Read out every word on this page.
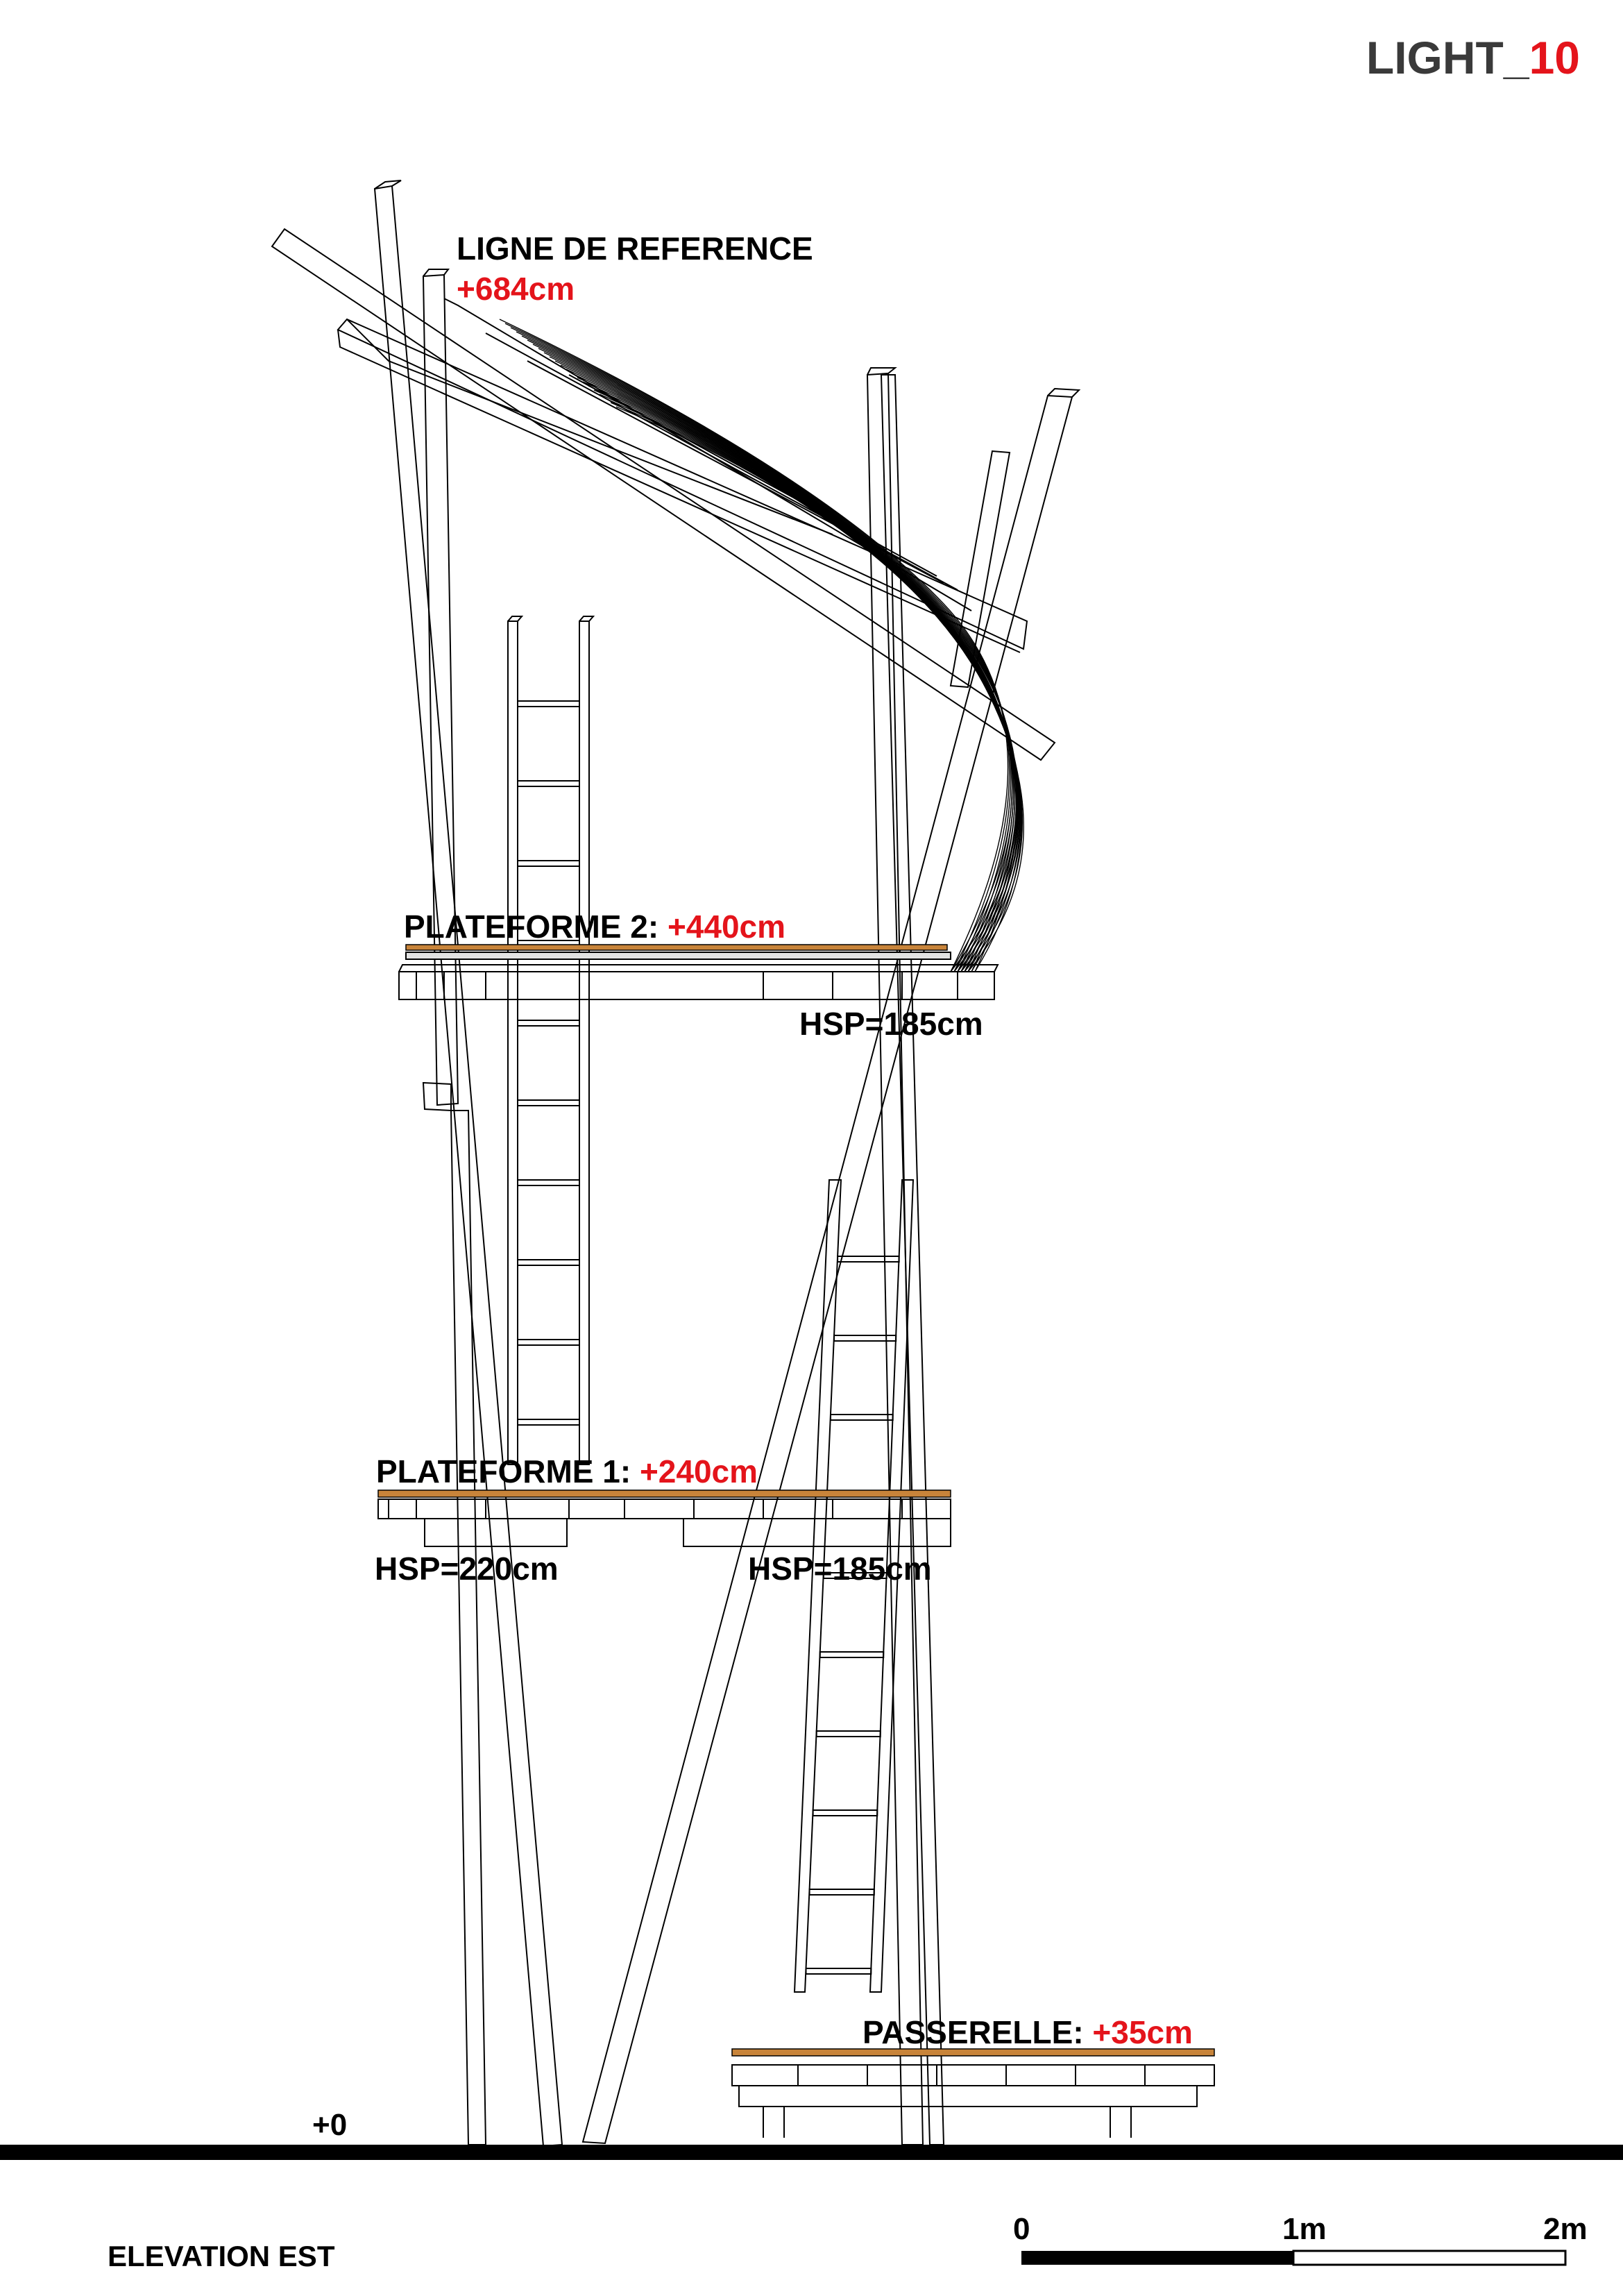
LIGHT_10
LIGNE DE REFERENCE
+684cm
PLATEFORME 2: +440cm
HSP=185cm
PLATEFORME 1: +240cm
HSP=220cm	HSP=185cm
PASSERELLE: +35cm
+0
ELEVATION EST
0	1m	2m
